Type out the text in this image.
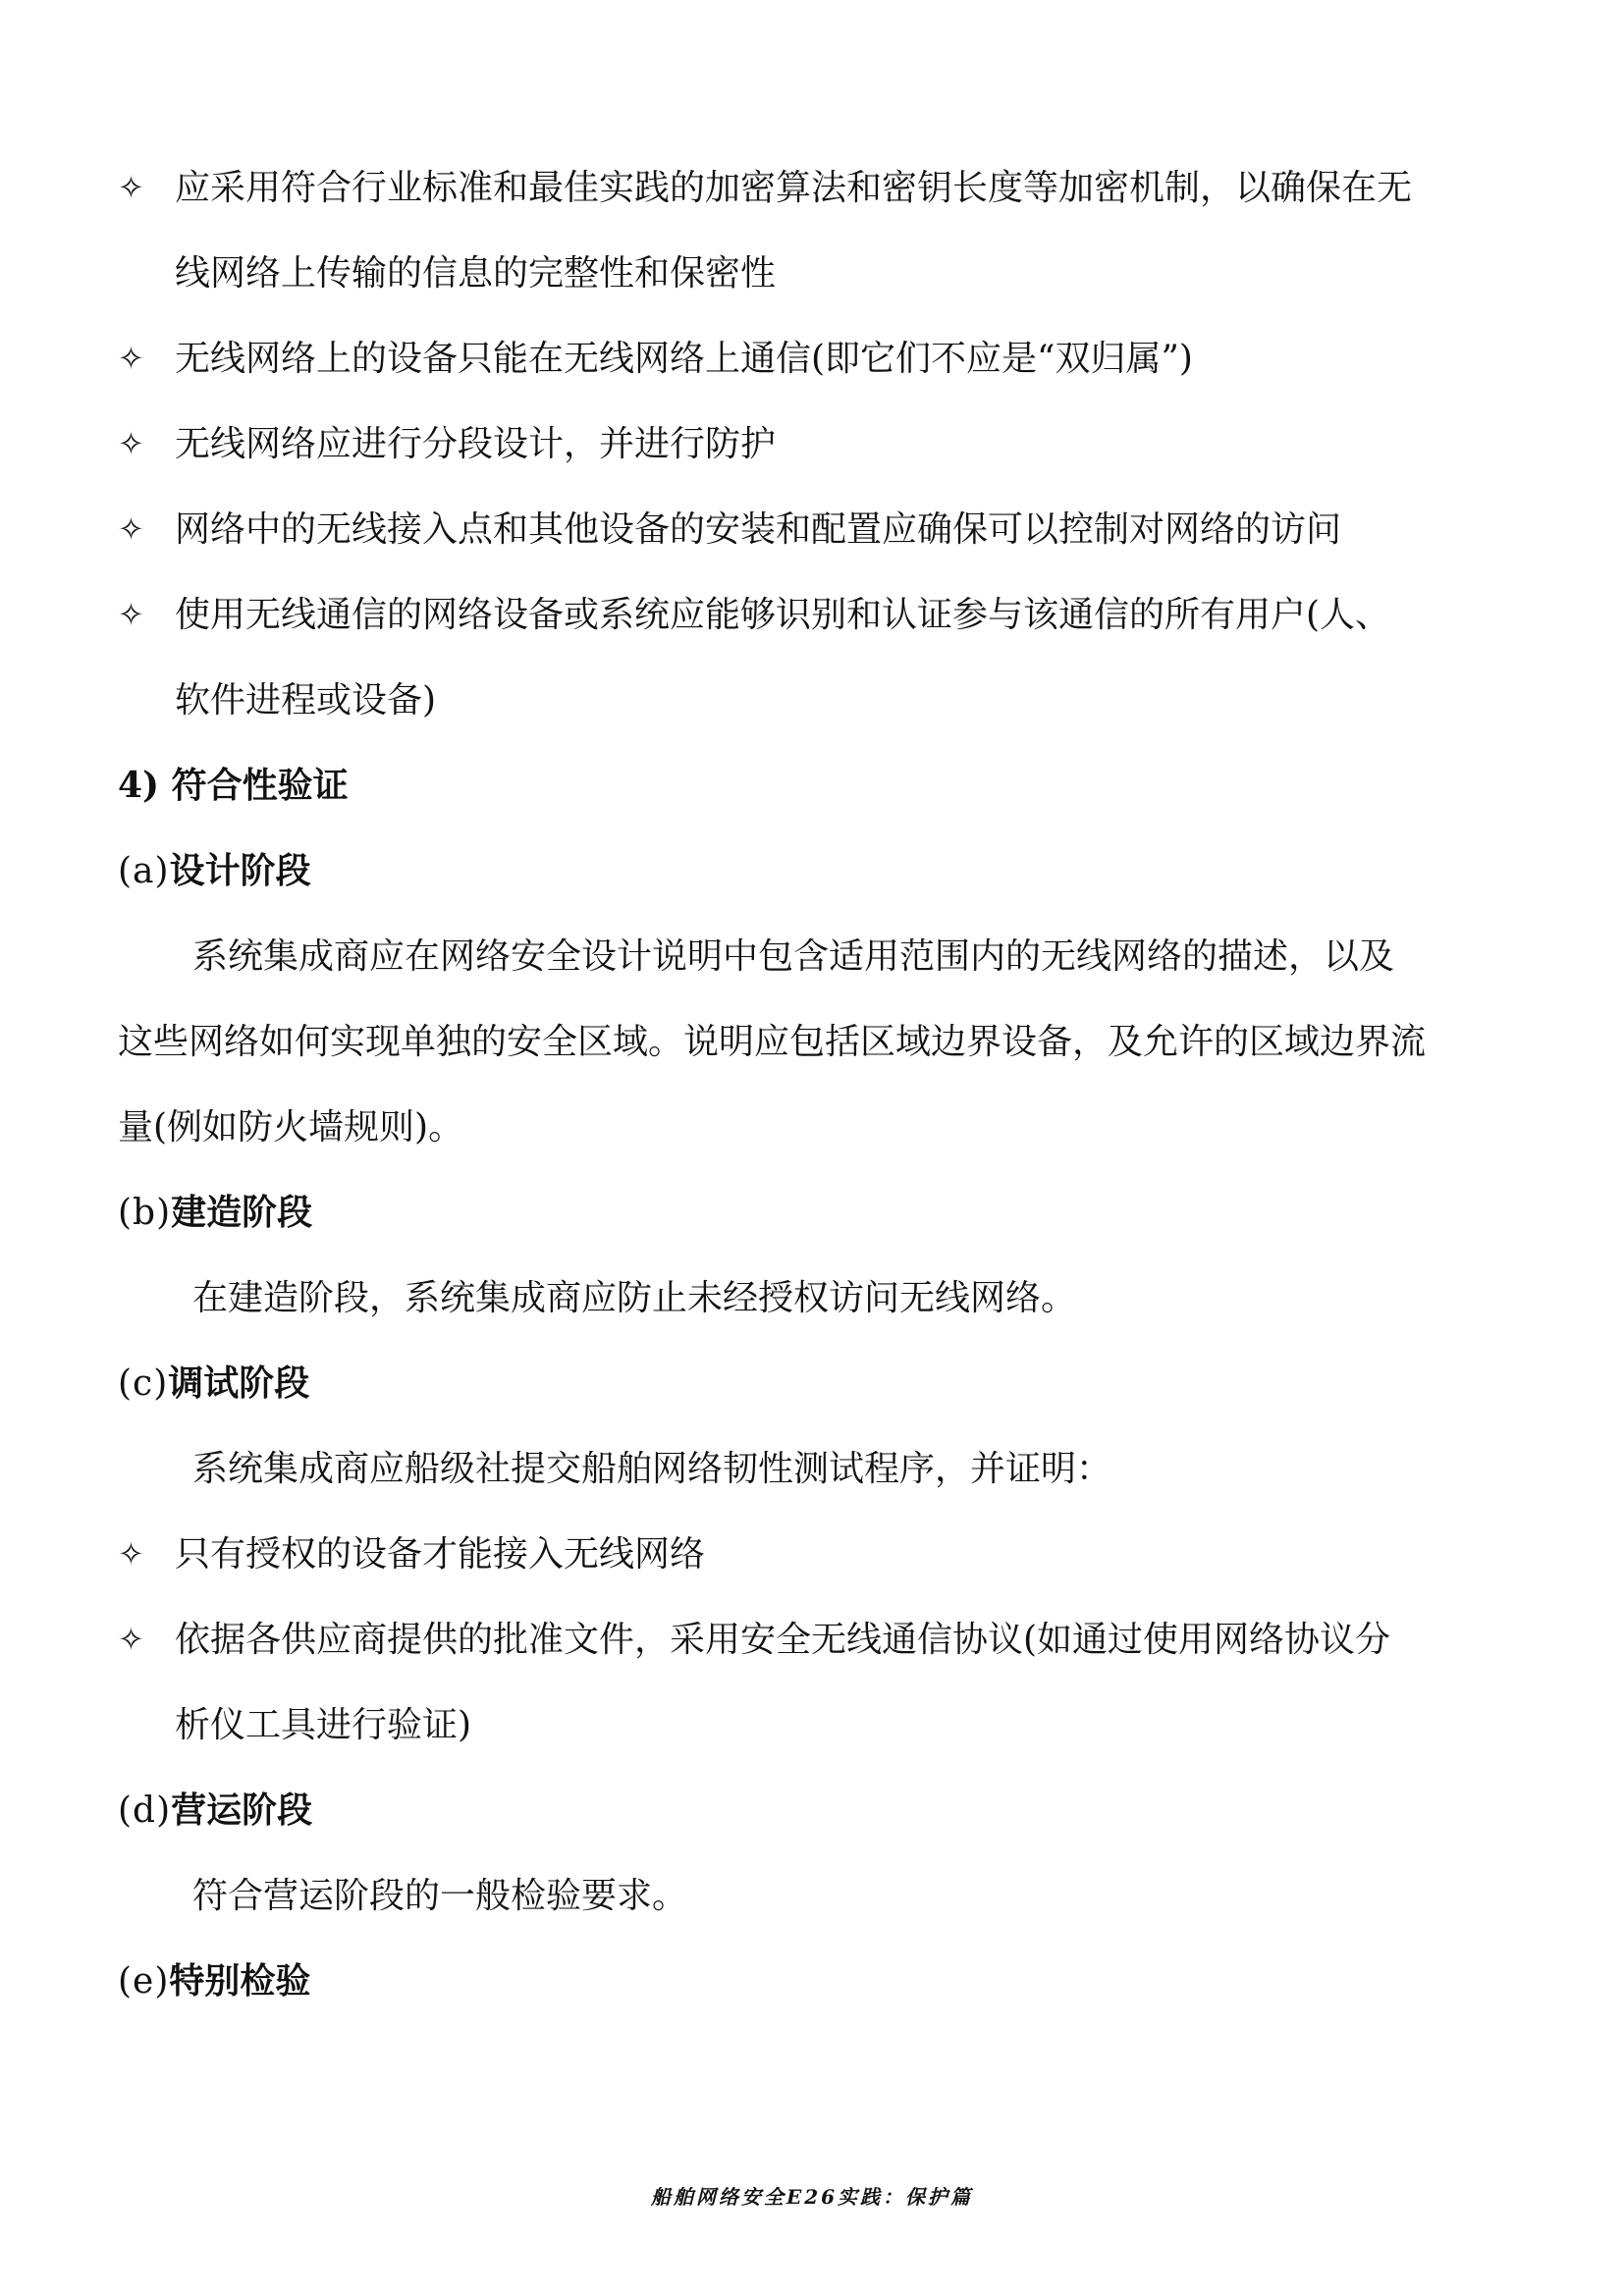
✧ 应采用符合行业标准和最佳实践的加密算法和密钥长度等加密机制，以确保在无
线网络上传输的信息的完整性和保密性
✧ 无线网络上的设备只能在无线网络上通信(即它们不应是“双归属”)
✧ 无线网络应进行分段设计，并进行防护
✧ 网络中的无线接入点和其他设备的安装和配置应确保可以控制对网络的访问
✧ 使用无线通信的网络设备或系统应能够识别和认证参与该通信的所有用户(人、
软件进程或设备)
4) 符合性验证
(a)设计阶段
系统集成商应在网络安全设计说明中包含适用范围内的无线网络的描述，以及
这些网络如何实现单独的安全区域。说明应包括区域边界设备，及允许的区域边界流
量(例如防火墙规则)。
(b)建造阶段
在建造阶段，系统集成商应防止未经授权访问无线网络。
(c)调试阶段
系统集成商应船级社提交船舶网络韧性测试程序，并证明：
✧ 只有授权的设备才能接入无线网络
✧ 依据各供应商提供的批准文件，采用安全无线通信协议(如通过使用网络协议分
析仪工具进行验证)
(d)营运阶段
符合营运阶段的一般检验要求。
(e)特别检验
船舶网络安全E26实践：保护篇
